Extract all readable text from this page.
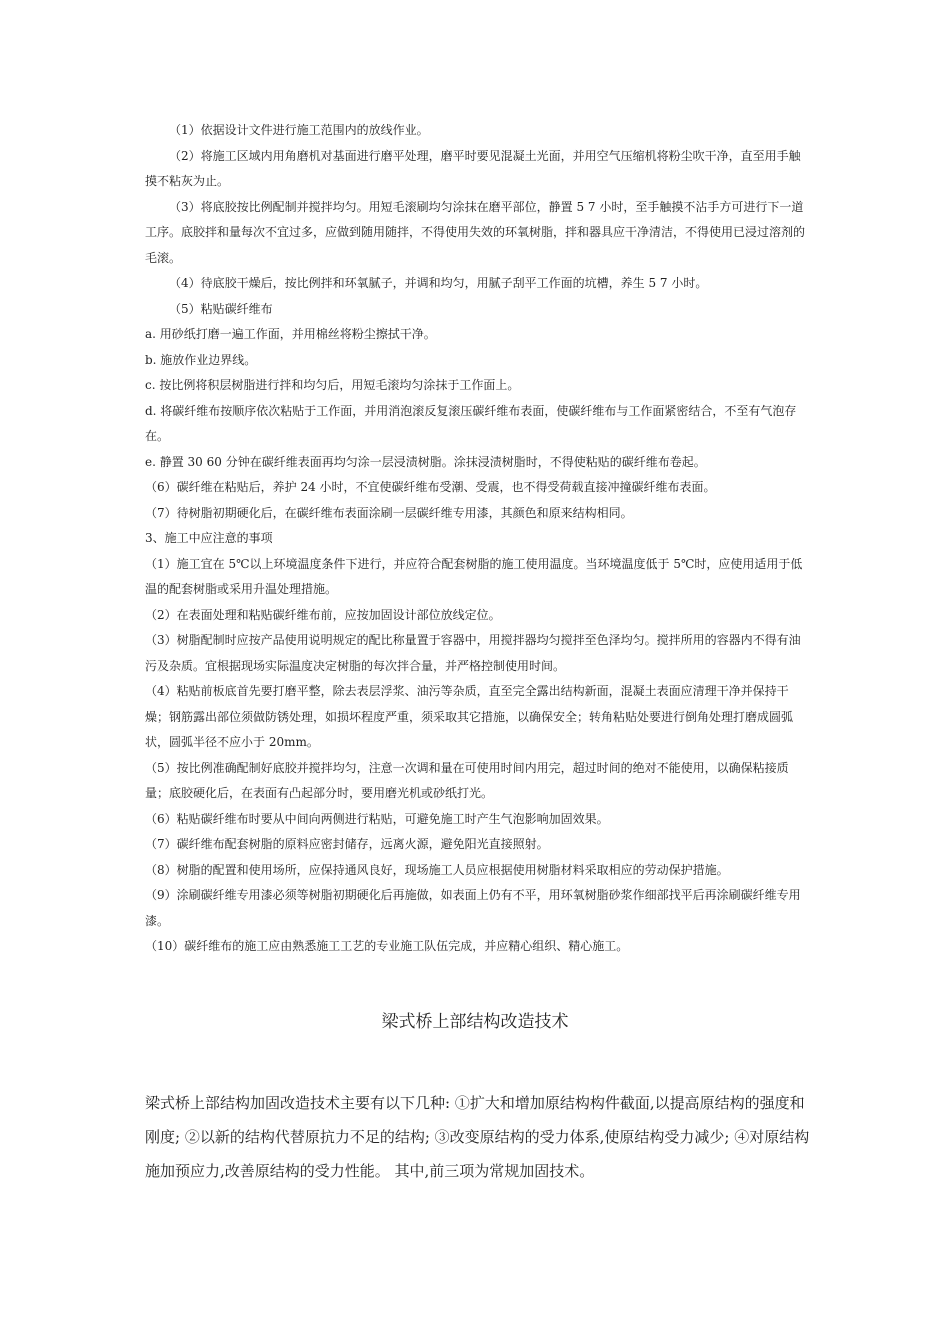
（1）依据设计文件进行施工范围内的放线作业。

（2）将施工区域内用角磨机对基面进行磨平处理，磨平时要见混凝土光面，并用空气压缩机将粉尘吹干净，直至用手触摸不粘灰为止。

（3）将底胶按比例配制并搅拌均匀。用短毛滚刷均匀涂抹在磨平部位，静置 5 7 小时，至手触摸不沾手方可进行下一道工序。底胶拌和量每次不宜过多，应做到随用随拌，不得使用失效的环氧树脂，拌和器具应干净清洁，不得使用已浸过溶剂的毛滚。

（4）待底胶干燥后，按比例拌和环氧腻子，并调和均匀，用腻子刮平工作面的坑槽，养生 5 7 小时。

（5）粘贴碳纤维布

a. 用砂纸打磨一遍工作面，并用棉丝将粉尘擦拭干净。

b. 施放作业边界线。

c. 按比例将积层树脂进行拌和均匀后，用短毛滚均匀涂抹于工作面上。

d. 将碳纤维布按顺序依次粘贴于工作面，并用消泡滚反复滚压碳纤维布表面，使碳纤维布与工作面紧密结合，不至有气泡存在。

e. 静置 30 60 分钟在碳纤维表面再均匀涂一层浸渍树脂。涂抹浸渍树脂时，不得使粘贴的碳纤维布卷起。

（6）碳纤维在粘贴后，养护 24 小时，不宜使碳纤维布受潮、受震，也不得受荷载直接冲撞碳纤维布表面。

（7）待树脂初期硬化后，在碳纤维布表面涂刷一层碳纤维专用漆，其颜色和原来结构相同。

3、施工中应注意的事项

（1）施工宜在 5℃以上环境温度条件下进行，并应符合配套树脂的施工使用温度。当环境温度低于 5℃时，应使用适用于低温的配套树脂或采用升温处理措施。

（2）在表面处理和粘贴碳纤维布前，应按加固设计部位放线定位。

（3）树脂配制时应按产品使用说明规定的配比称量置于容器中，用搅拌器均匀搅拌至色泽均匀。搅拌所用的容器内不得有油污及杂质。宜根据现场实际温度决定树脂的每次拌合量，并严格控制使用时间。

（4）粘贴前板底首先要打磨平整，除去表层浮浆、油污等杂质，直至完全露出结构新面，混凝土表面应清理干净并保持干燥；钢筋露出部位须做防锈处理，如损坏程度严重，须采取其它措施，以确保安全；转角粘贴处要进行倒角处理打磨成圆弧状，圆弧半径不应小于 20mm。

（5）按比例准确配制好底胶并搅拌均匀，注意一次调和量在可使用时间内用完，超过时间的绝对不能使用，以确保粘接质量；底胶硬化后，在表面有凸起部分时，要用磨光机或砂纸打光。

（6）粘贴碳纤维布时要从中间向两侧进行粘贴，可避免施工时产生气泡影响加固效果。

（7）碳纤维布配套树脂的原料应密封储存，远离火源，避免阳光直接照射。

（8）树脂的配置和使用场所，应保持通风良好，现场施工人员应根据使用树脂材料采取相应的劳动保护措施。

（9）涂刷碳纤维专用漆必须等树脂初期硬化后再施做，如表面上仍有不平，用环氧树脂砂浆作细部找平后再涂刷碳纤维专用漆。

（10）碳纤维布的施工应由熟悉施工工艺的专业施工队伍完成，并应精心组织、精心施工。

梁式桥上部结构改造技术

梁式桥上部结构加固改造技术主要有以下几种: ①扩大和增加原结构构件截面,以提高原结构的强度和刚度; ②以新的结构代替原抗力不足的结构; ③改变原结构的受力体系,使原结构受力减少; ④对原结构施加预应力,改善原结构的受力性能。 其中,前三项为常规加固技术。
